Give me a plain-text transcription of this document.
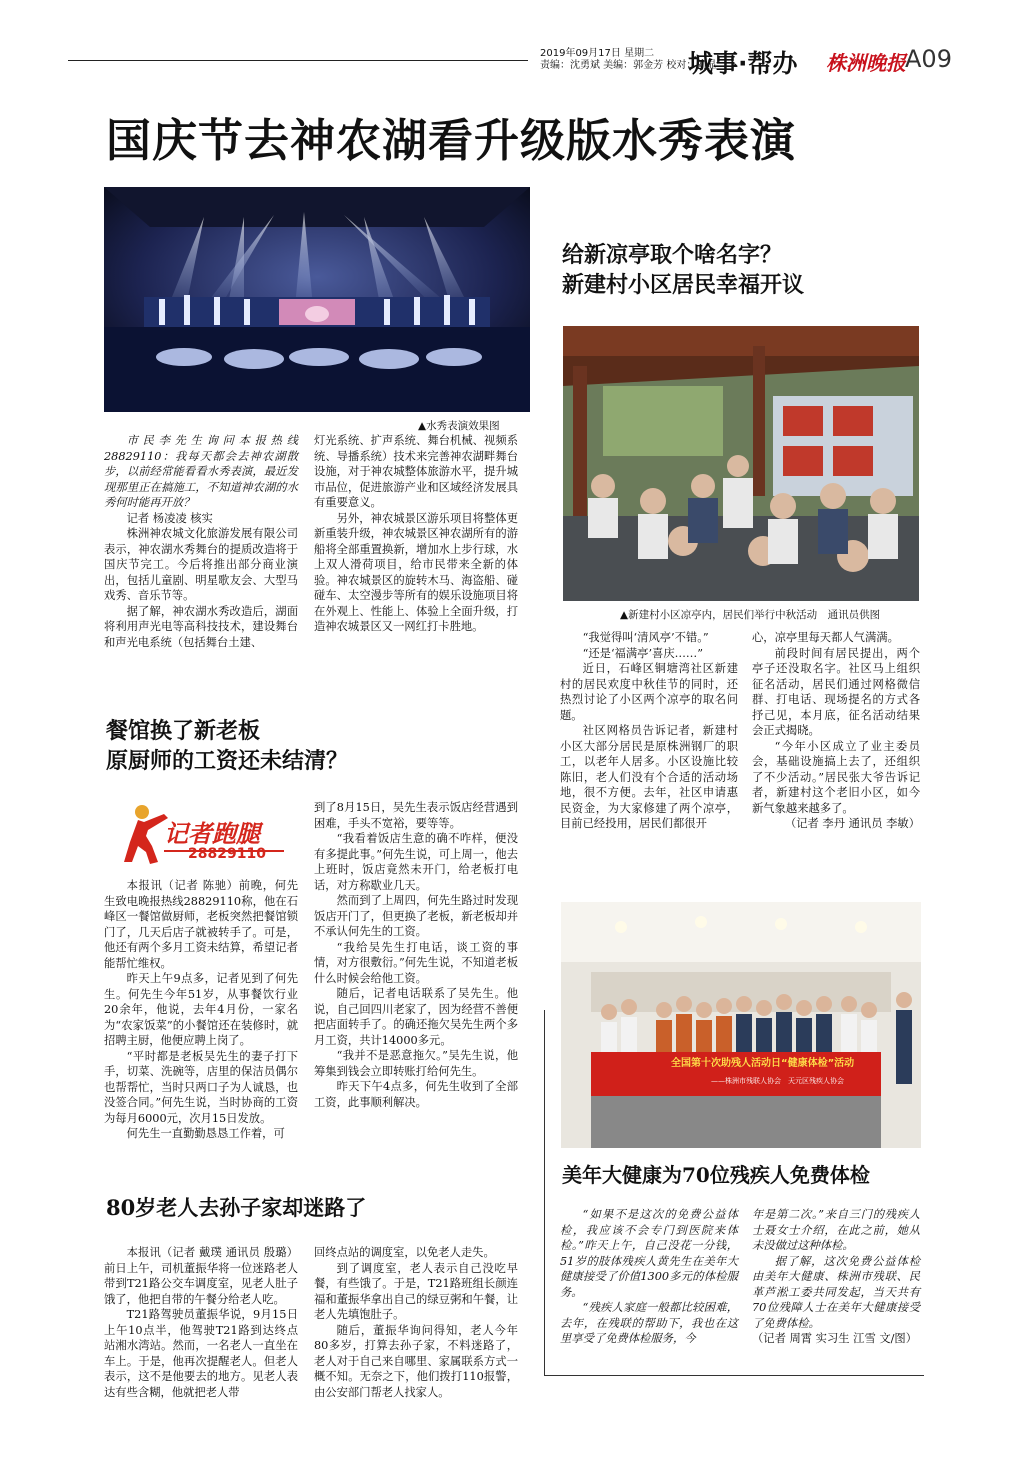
2019年09月17日 星期二
责编：沈勇斌 美编：郭金芳 校对：刘显
城事·帮办 株洲晚报 A09
国庆节去神农湖看升级版水秀表演
▲水秀表演效果图

市民李先生询问本报热线28829110：我每天都会去神农湖散步，以前经常能看看水秀表演，最近发现那里正在搞施工，不知道神农湖的水秀何时能再开放？

记者 杨凌凌 核实

株洲神农城文化旅游发展有限公司表示，神农湖水秀舞台的提质改造将于国庆节完工。今后将推出部分商业演出，包括儿童剧、明星歌友会、大型马戏秀、音乐节等。

据了解，神农湖水秀改造后，湖面将利用声光电等高科技技术，建设舞台和声光电系统（包括舞台土建、

灯光系统、扩声系统、舞台机械、视频系统、导播系统）技术来完善神农湖畔舞台设施，对于神农城整体旅游水平，提升城市品位，促进旅游产业和区域经济发展具有重要意义。

另外，神农城景区游乐项目将整体更新重装升级，神农城景区神农湖所有的游船将全部重置换新，增加水上步行球，水上双人滑荷项目，给市民带来全新的体验。神农城景区的旋转木马、海盗船、碰碰车、太空漫步等所有的娱乐设施项目将在外观上、性能上、体验上全面升级，打造神农城景区又一网红打卡胜地。

给新凉亭取个啥名字？
新建村小区居民幸福开议
▲新建村小区凉亭内，居民们举行中秋活动　通讯员供图

“我觉得叫‘清风亭’不错。”

“还是‘福满亭’喜庆……”

近日，石峰区铜塘湾社区新建村的居民欢度中秋佳节的同时，还热烈讨论了小区两个凉亭的取名问题。

社区网格员告诉记者，新建村小区大部分居民是原株洲钢厂的职工，以老年人居多。小区设施比较陈旧，老人们没有个合适的活动场地，很不方便。去年，社区申请惠民资金，为大家修建了两个凉亭，目前已经投用，居民们都很开

心，凉亭里每天都人气满满。

前段时间有居民提出，两个亭子还没取名字。社区马上组织征名活动，居民们通过网格微信群、打电话、现场提名的方式各抒己见，本月底，征名活动结果会正式揭晓。

“今年小区成立了业主委员会，基础设施搞上去了，还组织了不少活动。”居民张大爷告诉记者，新建村这个老旧小区，如今新气象越来越多了。

（记者 李丹 通讯员 李敏）

餐馆换了新老板
原厨师的工资还未结清？
记者跑腿
28829110

本报讯（记者 陈驰）前晚，何先生致电晚报热线28829110称，他在石峰区一餐馆做厨师，老板突然把餐馆锁门了，几天后店子就被转手了。可是，他还有两个多月工资未结算，希望记者能帮忙维权。

昨天上午9点多，记者见到了何先生。何先生今年51岁，从事餐饮行业20余年，他说，去年4月份，一家名为“农家饭菜”的小餐馆还在装修时，就招聘主厨，他便应聘上岗了。

“平时都是老板吴先生的妻子打下手，切菜、洗碗等，店里的保洁员偶尔也帮帮忙，当时只两口子为人诚恳，也没签合同。”何先生说，当时协商的工资为每月6000元，次月15日发放。

何先生一直勤勤恳恳工作着，可

到了8月15日，吴先生表示饭店经营遇到困难，手头不宽裕，要等等。

“我看着饭店生意的确不咋样，便没有多提此事。”何先生说，可上周一，他去上班时，饭店竟然未开门，给老板打电话，对方称歇业几天。

然而到了上周四，何先生路过时发现饭店开门了，但更换了老板，新老板却并不承认何先生的工资。

“我给吴先生打电话，谈工资的事情，对方很敷衍。”何先生说，不知道老板什么时候会给他工资。

随后，记者电话联系了吴先生。他说，自己回四川老家了，因为经营不善便把店面转手了。的确还拖欠吴先生两个多月工资，共计14000多元。

“我并不是恶意拖欠。”吴先生说，他筹集到钱会立即转账打给何先生。

昨天下午4点多，何先生收到了全部工资，此事顺利解决。

80岁老人去孙子家却迷路了

本报讯（记者 戴璞 通讯员 殷璐）前日上午，司机董振华将一位迷路老人带到T21路公交车调度室，见老人肚子饿了，他把自带的午餐分给老人吃。

T21路驾驶员董振华说，9月15日上午10点半，他驾驶T21路到达终点站湘水湾站。然而，一名老人一直坐在车上。于是，他再次提醒老人。但老人表示，这不是他要去的地方。见老人表达有些含糊，他就把老人带

回终点站的调度室，以免老人走失。

到了调度室，老人表示自己没吃早餐，有些饿了。于是，T21路班组长颜连福和董振华拿出自己的绿豆粥和午餐，让老人先填饱肚子。

随后，董振华询问得知，老人今年80多岁，打算去孙子家，不料迷路了，老人对于自己来自哪里、家属联系方式一概不知。无奈之下，他们拨打110报警，由公安部门帮老人找家人。

全国第十次助残人活动日“健康体检”活动
——株洲市残联人协会　天元区残疾人协会
美年大健康为70位残疾人免费体检

“如果不是这次的免费公益体检，我应该不会专门到医院来体检。”昨天上午，自己没花一分钱，51岁的肢体残疾人黄先生在美年大健康接受了价值1300多元的体检服务。

“残疾人家庭一般都比较困难，去年，在残联的帮助下，我也在这里享受了免费体检服务，今

年是第二次。”来自三门的残疾人士聂女士介绍，在此之前，她从未没做过这种体检。

据了解，这次免费公益体检由美年大健康、株洲市残联、民革芦淞工委共同发起，当天共有70位残障人士在美年大健康接受了免费体检。

（记者 周霄 实习生 江雪 文/图）
